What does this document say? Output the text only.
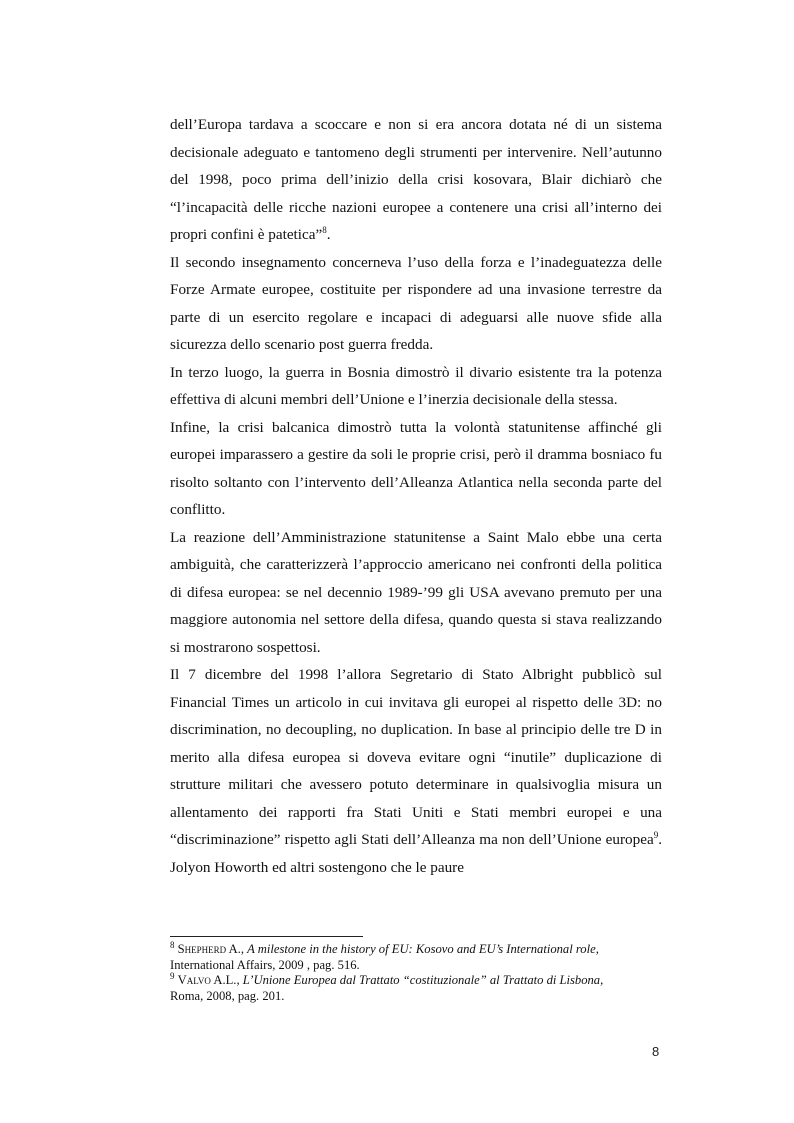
dell’Europa tardava a scoccare e non si era ancora dotata né di un sistema decisionale adeguato e tantomeno degli strumenti per intervenire. Nell’autunno del 1998, poco prima dell’inizio della crisi kosovara, Blair dichiarò che “l’incapacità delle ricche nazioni europee a contenere una crisi all’interno dei propri confini è patetica”$^8$.

Il secondo insegnamento concerneva l’uso della forza e l’inadeguatezza delle Forze Armate europee, costituite per rispondere ad una invasione terrestre da parte di un esercito regolare e incapaci di adeguarsi alle nuove sfide alla sicurezza dello scenario post guerra fredda.

In terzo luogo, la guerra in Bosnia dimostrò il divario esistente tra la potenza effettiva di alcuni membri dell’Unione e l’inerzia decisionale della stessa.

Infine, la crisi balcanica dimostrò tutta la volontà statunitense affinché gli europei imparassero a gestire da soli le proprie crisi, però il dramma bosniaco fu risolto soltanto con l’intervento dell’Alleanza Atlantica nella seconda parte del conflitto.

La reazione dell’Amministrazione statunitense a Saint Malo ebbe una certa ambiguità, che caratterizzerà l’approccio americano nei confronti della politica di difesa europea: se nel decennio 1989-’99 gli USA avevano premuto per una maggiore autonomia nel settore della difesa, quando questa si stava realizzando si mostrarono sospettosi.

Il 7 dicembre del 1998 l’allora Segretario di Stato Albright pubblicò sul Financial Times un articolo in cui invitava gli europei al rispetto delle 3D: no discrimination, no decoupling, no duplication. In base al principio delle tre D in merito alla difesa europea si doveva evitare ogni “inutile” duplicazione di strutture militari che avessero potuto determinare in qualsivoglia misura un allentamento dei rapporti fra Stati Uniti e Stati membri europei e una “discriminazione” rispetto agli Stati dell’Alleanza ma non dell’Unione europea$^9$. Jolyon Howorth ed altri sostengono che le paure

$^8$ Shepherd A., A milestone in the history of EU: Kosovo and EU’s International role,
International Affairs, 2009 , pag. 516.

$^9$ Valvo A.L., L’Unione Europea dal Trattato “costituzionale” al Trattato di Lisbona,
Roma, 2008, pag. 201.

8
